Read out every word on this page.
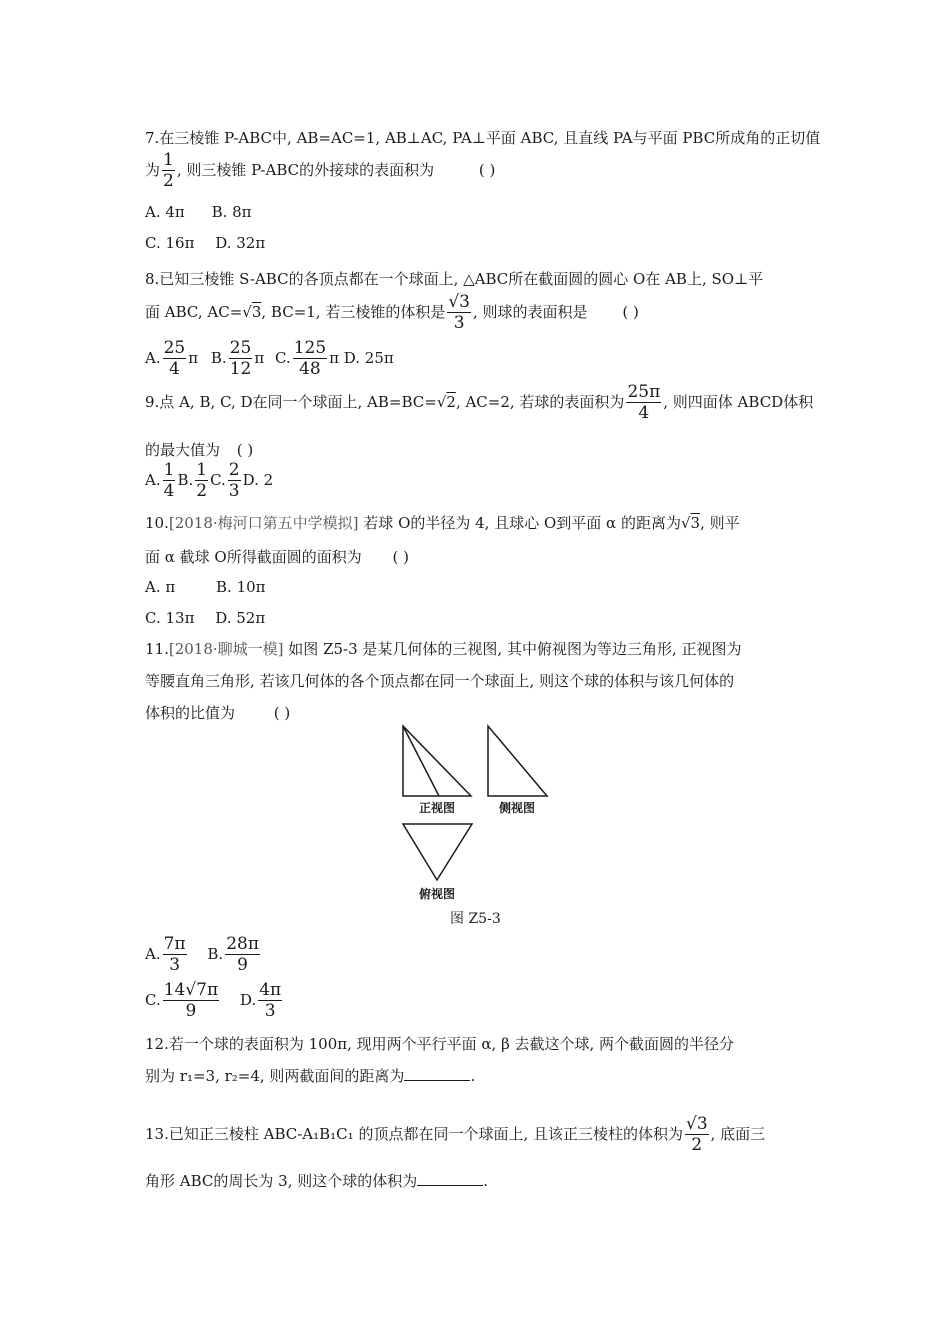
7.在三棱锥 P-ABC中, AB=AC=1, AB⊥AC, PA⊥平面 ABC, 且直线 PA与平面 PBC所成角的正切值
为 $\frac{1}{2}$ , 则三棱锥 P-ABC的外接球的表面积为	( )
A. 4π B. 8π
C. 16π D. 32π
8.已知三棱锥 S-ABC的各顶点都在一个球面上, △ABC所在截面圆的圆心 O在 AB上, SO⊥平
面 ABC, AC=√3, BC=1, 若三棱锥的体积是 $\frac{√3}{3}$ , 则球的表面积是 ( )
A. $\frac{25}{4}$ π B. $\frac{25}{12}$ π C. $\frac{125}{48}$ π D. 25π
9.点 A, B, C, D在同一个球面上, AB=BC=√2, AC=2, 若球的表面积为 $\frac{25\pi}{4}$ , 则四面体 ABCD体积
的最大值为 ( )
A. $\frac{1}{4} B$. $\frac{1}{2} C$. $\frac{2}{3} D$. 2
10.[2018·梅河口第五中学模拟] 若球 O的半径为 4, 且球心 O到平面 α 的距离为√3, 则平
面 α 截球 O所得截面圆的面积为 ( )
A. π	B. 10π
C. 13π D. 52π
11.[2018·聊城一模] 如图 Z5-3 是某几何体的三视图, 其中俯视图为等边三角形, 正视图为
等腰直角三角形, 若该几何体的各个顶点都在同一个球面上, 则这个球的体积与该几何体的
体积的比值为	( )
正视图	侧视图
俯视图
图 Z5-3
A. $\frac{7\pi}{3} B$. $\frac{28\pi}{9}$
C. $\frac{14√7\pi}{9} D$. $\frac{4\pi}{3}$
12.若一个球的表面积为 100π, 现用两个平行平面 α, β 去截这个球, 两个截面圆的半径分
别为 r₁=3, r₂=4, 则两截面间的距离为	.
13.已知正三棱柱 ABC-A₁B₁C₁ 的顶点都在同一个球面上, 且该正三棱柱的体积为 $\frac{√3}{2}$ , 底面三
角形 ABC的周长为 3, 则这个球的体积为	.
